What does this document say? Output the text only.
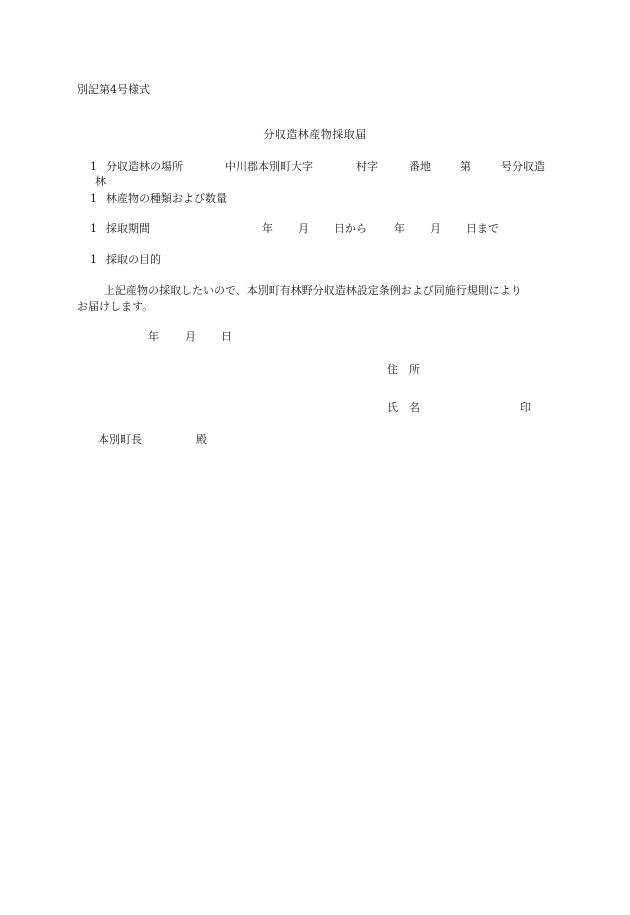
別記第4号様式
分収造林産物採取届
1 分収造林の場所	中川郡本別町大字	村字	番地	第	号分収造
林
1 林産物の種類および数量
1 採取期間	年 月 日から 年 月 日まで
1 採取の目的
上記産物の採取したいので、本別町有林野分収造林設定条例および同施行規則により
お届けします。
年 月 日
住　所
氏　名	印
本別町長	殿
